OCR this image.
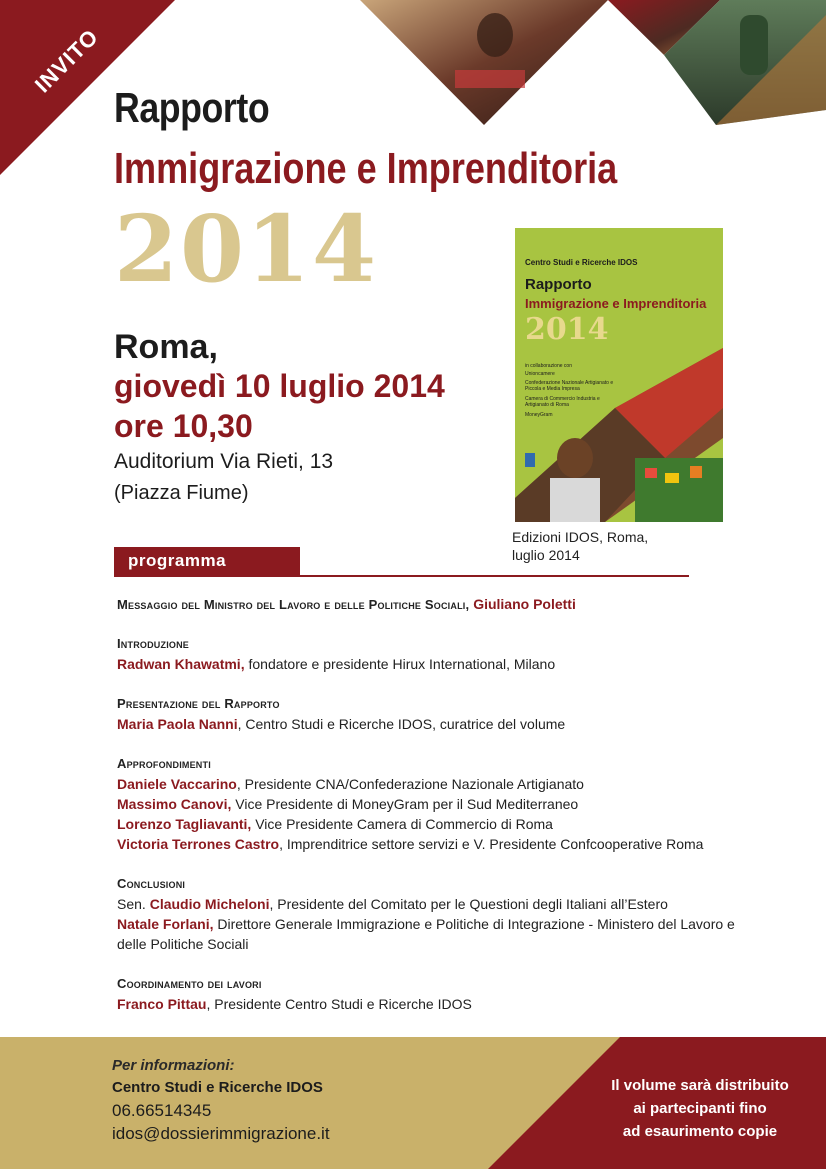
INVITO
Rapporto
Immigrazione e Imprenditoria
2014
Roma,
giovedì 10 luglio 2014
ore 10,30
Auditorium Via Rieti, 13
(Piazza Fiume)
Centro Studi e Ricerche IDOS
Rapporto
Immigrazione e Imprenditoria
2014
in collaborazione con
Unioncamere
Confederazione Nazionale Artigianato e Piccola e Media Impresa
Camera di Commercio Industria e Artigianato di Roma
MoneyGram
Edizioni IDOS, Roma,
luglio 2014
programma
Messaggio del Ministro del Lavoro e delle Politiche Sociali, Giuliano Poletti
Introduzione
Radwan Khawatmi, fondatore e presidente Hirux International, Milano
Presentazione del Rapporto
Maria Paola Nanni, Centro Studi e Ricerche IDOS, curatrice del volume
Approfondimenti
Daniele Vaccarino, Presidente CNA/Confederazione Nazionale Artigianato
Massimo Canovi, Vice Presidente di MoneyGram per il Sud Mediterraneo
Lorenzo Tagliavanti, Vice Presidente Camera di Commercio di Roma
Victoria Terrones Castro, Imprenditrice settore servizi e V. Presidente Confcooperative Roma
Conclusioni
Sen. Claudio Micheloni, Presidente del Comitato per le Questioni degli Italiani all’Estero
Natale Forlani, Direttore Generale Immigrazione e Politiche di Integrazione - Ministero del Lavoro e delle Politiche Sociali
Coordinamento dei lavori
Franco Pittau, Presidente Centro Studi e Ricerche IDOS
Per informazioni:
Centro Studi e Ricerche IDOS
06.66514345
idos@dossierimmigrazione.it
Il volume sarà distribuito
ai partecipanti fino
ad esaurimento copie
